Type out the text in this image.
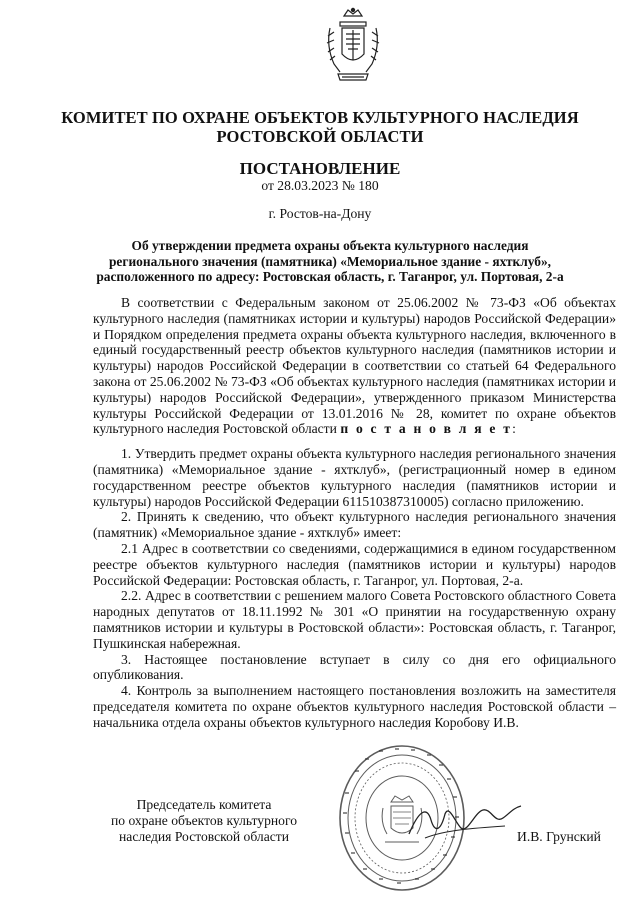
КОМИТЕТ ПО ОХРАНЕ ОБЪЕКТОВ КУЛЬТУРНОГО НАСЛЕДИЯ РОСТОВСКОЙ ОБЛАСТИ
ПОСТАНОВЛЕНИЕ
от 28.03.2023 № 180
г. Ростов-на-Дону
Об утверждении предмета охраны объекта культурного наследия регионального значения (памятника) «Мемориальное здание - яхтклуб», расположенного по адресу: Ростовская область, г. Таганрог, ул. Портовая, 2-а

В соответствии с Федеральным законом от 25.06.2002 № 73-ФЗ «Об объектах культурного наследия (памятниках истории и культуры) народов Российской Федерации» и Порядком определения предмета охраны объекта культурного наследия, включенного в единый государственный реестр объектов культурного наследия (памятников истории и культуры) народов Российской Федерации в соответствии со статьей 64 Федерального закона от 25.06.2002 № 73-ФЗ «Об объектах культурного наследия (памятниках истории и культуры) народов Российской Федерации», утвержденного приказом Министерства культуры Российской Федерации от 13.01.2016 № 28, комитет по охране объектов культурного наследия Ростовской области п о с т а н о в л я е т:

1. Утвердить предмет охраны объекта культурного наследия регионального значения (памятника) «Мемориальное здание - яхтклуб», (регистрационный номер в едином государственном реестре объектов культурного наследия (памятников истории и культуры) народов Российской Федерации 611510387310005) согласно приложению.

2. Принять к сведению, что объект культурного наследия регионального значения (памятник) «Мемориальное здание - яхтклуб» имеет:

2.1 Адрес в соответствии со сведениями, содержащимися в едином государственном реестре объектов культурного наследия (памятников истории и культуры) народов Российской Федерации: Ростовская область, г. Таганрог, ул. Портовая, 2-а.

2.2. Адрес в соответствии с решением малого Совета Ростовского областного Совета народных депутатов от 18.11.1992 № 301 «О принятии на государственную охрану памятников истории и культуры в Ростовской области»: Ростовская область, г. Таганрог, Пушкинская набережная.

3. Настоящее постановление вступает в силу со дня его официального опубликования.

4. Контроль за выполнением настоящего постановления возложить на заместителя председателя комитета по охране объектов культурного наследия Ростовской области – начальника отдела охраны объектов культурного наследия Коробову И.В.

Председатель комитета
по охране объектов культурного
наследия Ростовской области	И.В. Грунский
